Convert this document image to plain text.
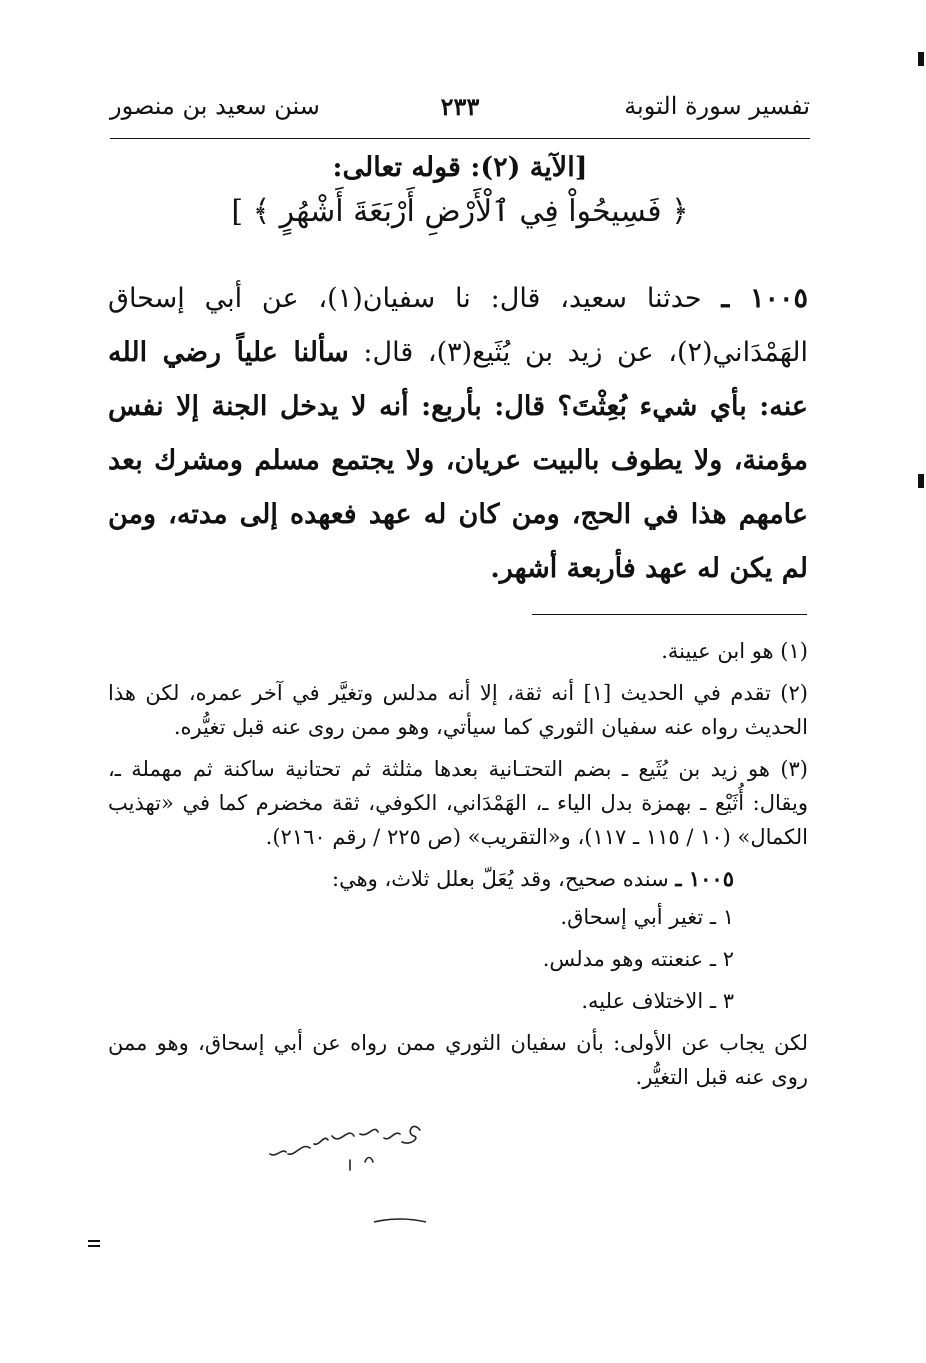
تفسير سورة التوبة
٢٣٣
سنن سعيد بن منصور
[الآية (٢): قوله تعالى:
﴿ فَسِيحُواْ فِي ٱلْأَرْضِ أَرْبَعَةَ أَشْهُرٍ ﴾ ]
١٠٠٥ ـ حدثنا سعيد، قال: نا سفيان(١)، عن أبي إسحاق الهَمْدَاني(٢)، عن زيد بن يُثَيع(٣)، قال: سألنا علياً رضي الله عنه: بأي شيء بُعِثْتَ؟ قال: بأربع: أنه لا يدخل الجنة إلا نفس مؤمنة، ولا يطوف بالبيت عريان، ولا يجتمع مسلم ومشرك بعد عامهم هذا في الحج، ومن كان له عهد فعهده إلى مدته، ومن لم يكن له عهد فأربعة أشهر.

(١) هو ابن عيينة.

(٢) تقدم في الحديث [١] أنه ثقة، إلا أنه مدلس وتغيَّر في آخر عمره، لكن هذا الحديث رواه عنه سفيان الثوري كما سيأتي، وهو ممن روى عنه قبل تغيُّره.

(٣) هو زيد بن يُثَيع ـ بضم التحتـانية بعدها مثلثة ثم تحتانية ساكنة ثم مهملة ـ، ويقال: أُثَيْع ـ بهمزة بدل الياء ـ، الهَمْدَاني، الكوفي، ثقة مخضرم كما في «تهذيب الكمال» (١٠ / ١١٥ ـ ١١٧)، و«التقريب» (ص ٢٢٥ / رقم ٢١٦٠).

١٠٠٥ ـ سنده صحيح، وقد يُعَلّ بعلل ثلاث، وهي:

١ ـ تغير أبي إسحاق.
٢ ـ عنعنته وهو مدلس.
٣ ـ الاختلاف عليه.

لكن يجاب عن الأولى: بأن سفيان الثوري ممن رواه عن أبي إسحاق، وهو ممن روى عنه قبل التغيُّر.
